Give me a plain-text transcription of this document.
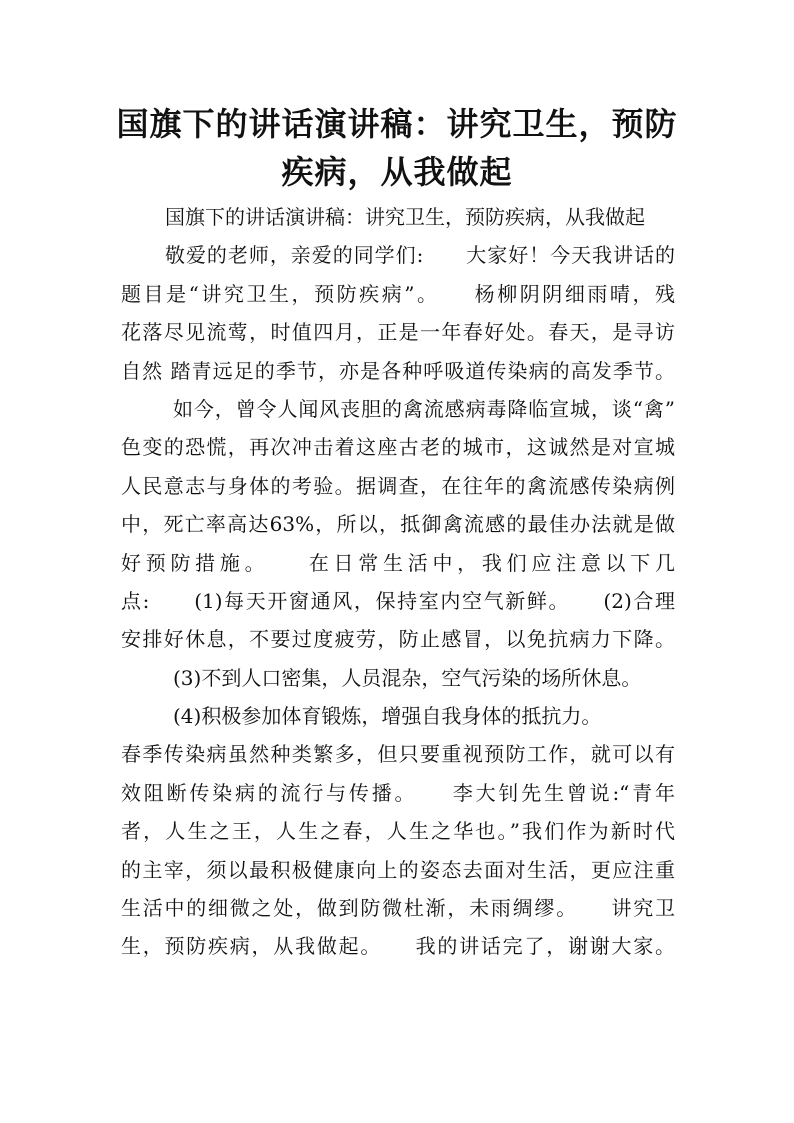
国旗下的讲话演讲稿：讲究卫生，预防
疾病，从我做起
国旗下的讲话演讲稿：讲究卫生，预防疾病，从我做起
敬爱的老师，亲爱的同学们:　　大家好！今天我讲话的
题目是“讲究卫生，预防疾病”。　　杨柳阴阴细雨晴，残
花落尽见流莺，时值四月，正是一年春好处。春天，是寻访
自然 踏青远足的季节，亦是各种呼吸道传染病的高发季节。
如今，曾令人闻风丧胆的禽流感病毒降临宣城，谈“禽”
色变的恐慌，再次冲击着这座古老的城市，这诚然是对宣城
人民意志与身体的考验。据调查，在往年的禽流感传染病例
中，死亡率高达63%，所以，抵御禽流感的最佳办法就是做
好预防措施。　　在日常生活中，我们应注意以下几
点:　　(1)每天开窗通风，保持室内空气新鲜。　　(2)合理
安排好休息，不要过度疲劳，防止感冒，以免抗病力下降。
(3)不到人口密集，人员混杂，空气污染的场所休息。
(4)积极参加体育锻炼，增强自我身体的抵抗力。
春季传染病虽然种类繁多，但只要重视预防工作，就可以有
效阻断传染病的流行与传播。　　李大钊先生曾说:“青年
者，人生之王，人生之春，人生之华也。”我们作为新时代
的主宰，须以最积极健康向上的姿态去面对生活，更应注重
生活中的细微之处，做到防微杜渐，未雨绸缪。　　讲究卫
生，预防疾病，从我做起。　　我的讲话完了，谢谢大家。
